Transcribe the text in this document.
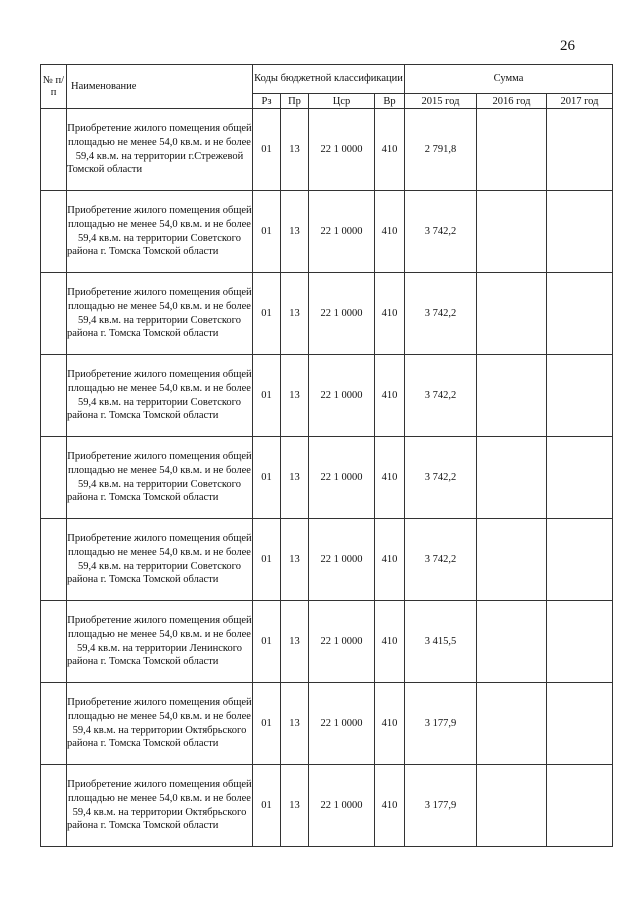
26
№ п/п	Наименование	Коды бюджетной классификации				Сумма		
		Рз	Пр	Цср	Вр	2015 год	2016 год	2017 год
	Приобретение жилого помещения общей площадью не менее 54,0 кв.м. и не более 59,4 кв.м. на территории г.Стрежевой Томской области	01	13	22 1 0000	410	2 791,8		
	Приобретение жилого помещения общей площадью не менее 54,0 кв.м. и не более 59,4 кв.м. на территории Советского района г. Томска Томской области	01	13	22 1 0000	410	3 742,2		
	Приобретение жилого помещения общей площадью не менее 54,0 кв.м. и не более 59,4 кв.м. на территории Советского района г. Томска Томской области	01	13	22 1 0000	410	3 742,2		
	Приобретение жилого помещения общей площадью не менее 54,0 кв.м. и не более 59,4 кв.м. на территории Советского района г. Томска Томской области	01	13	22 1 0000	410	3 742,2		
	Приобретение жилого помещения общей площадью не менее 54,0 кв.м. и не более 59,4 кв.м. на территории Советского района г. Томска Томской области	01	13	22 1 0000	410	3 742,2		
	Приобретение жилого помещения общей площадью не менее 54,0 кв.м. и не более 59,4 кв.м. на территории Советского района г. Томска Томской области	01	13	22 1 0000	410	3 742,2		
	Приобретение жилого помещения общей площадью не менее 54,0 кв.м. и не более 59,4 кв.м. на территории Ленинского района г. Томска Томской области	01	13	22 1 0000	410	3 415,5		
	Приобретение жилого помещения общей площадью не менее 54,0 кв.м. и не более 59,4 кв.м. на территории Октябрьского района г. Томска Томской области	01	13	22 1 0000	410	3 177,9		
	Приобретение жилого помещения общей площадью не менее 54,0 кв.м. и не более 59,4 кв.м. на территории Октябрьского района г. Томска Томской области	01	13	22 1 0000	410	3 177,9		
